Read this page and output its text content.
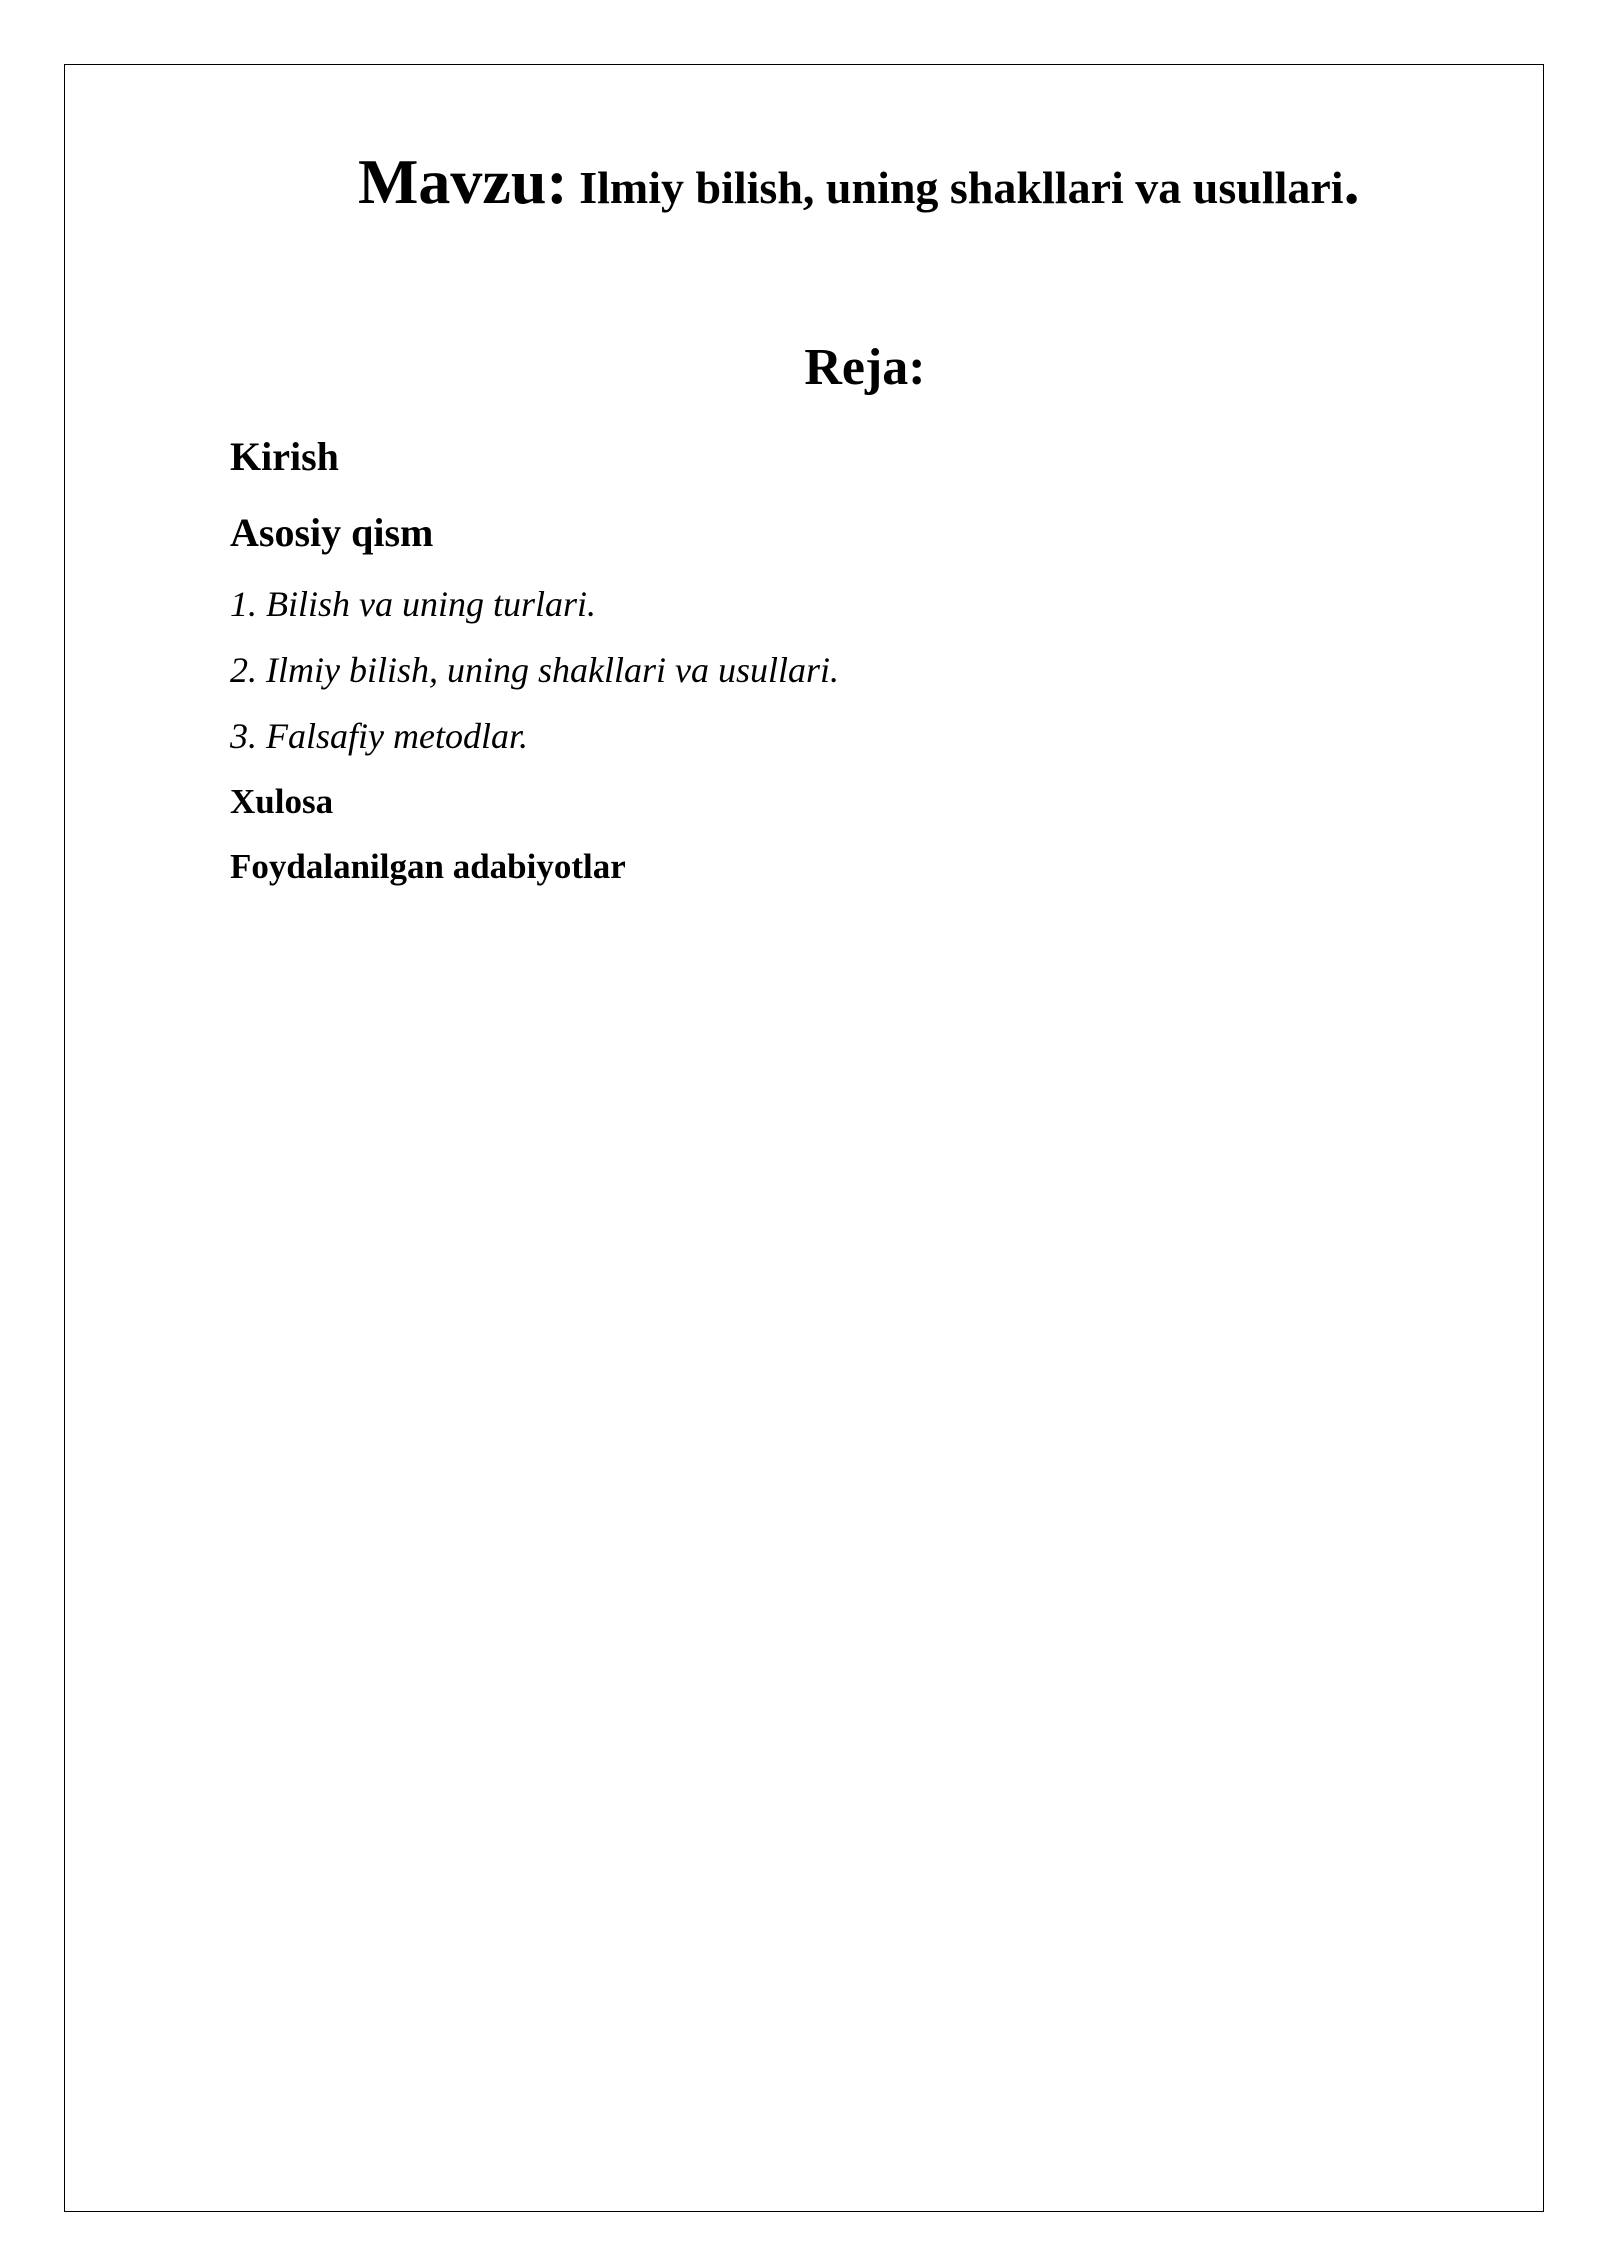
Mavzu: Ilmiy bilish, uning shakllari va usullari.
Reja:
Kirish
Asosiy qism
1. Bilish va uning turlari.
2. Ilmiy bilish, uning shakllari va usullari.
3. Falsafiy metodlar.
Xulosa
Foydalanilgan adabiyotlar
